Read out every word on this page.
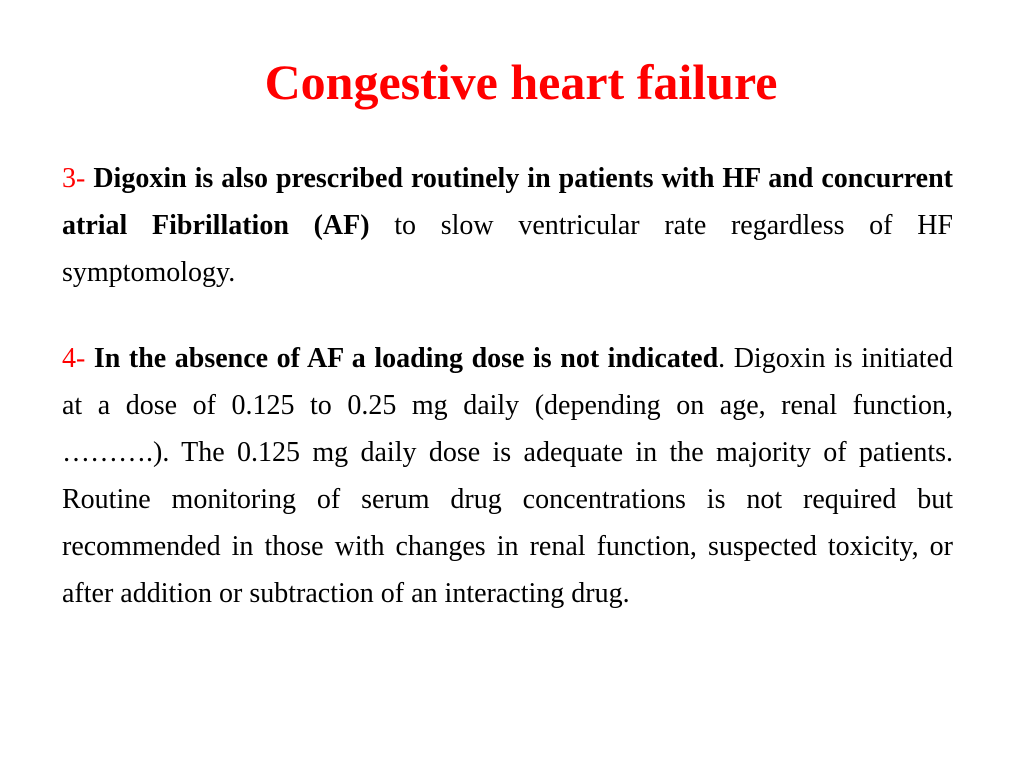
Congestive heart failure

3- Digoxin is also prescribed routinely in patients with HF and concurrent atrial Fibrillation (AF) to slow ventricular rate regardless of HF symptomology.

4- In the absence of AF a loading dose is not indicated. Digoxin is initiated at a dose of 0.125 to 0.25 mg daily (depending on age, renal function, ……….). The 0.125 mg daily dose is adequate in the majority of patients. Routine monitoring of serum drug concentrations is not required but recommended in those with changes in renal function, suspected toxicity, or after addition or subtraction of an interacting drug.
